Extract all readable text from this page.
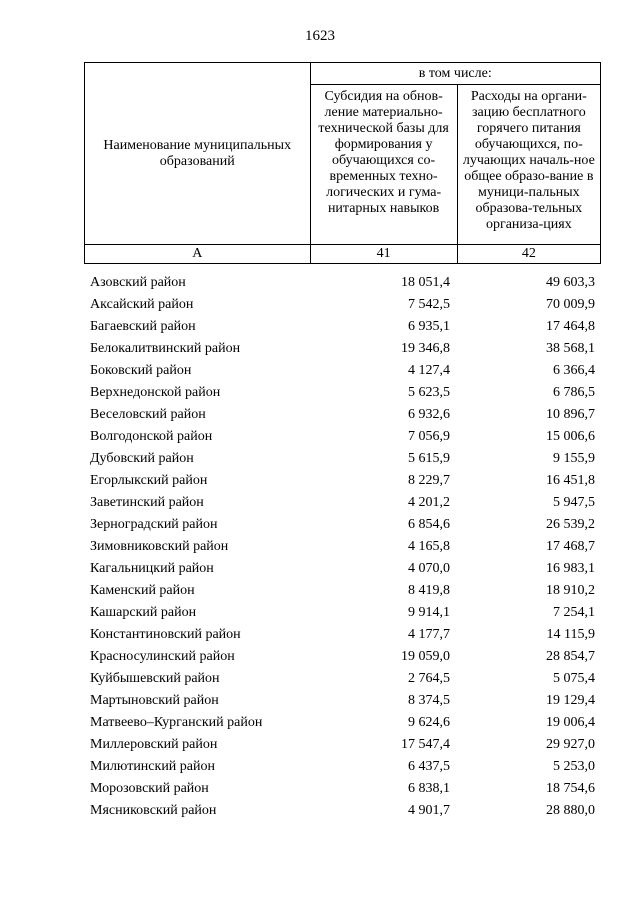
1623
Наименование муниципальных образований	в том числе:	

	Субсидия на обнов-ление материально-технической базы для формирования у обучающихся со-временных техно-логических и гума-нитарных навыков	Расходы на органи-зацию бесплатного горячего питания обучающихся, по-лучающих началь-ное общее образо-вание в муници-пальных образова-тельных организа-циях

А	41	42
Азовский район	18 051,4	49 603,3
Аксайский район	7 542,5	70 009,9
Багаевский район	6 935,1	17 464,8
Белокалитвинский район	19 346,8	38 568,1
Боковский район	4 127,4	6 366,4
Верхнедонской район	5 623,5	6 786,5
Веселовский район	6 932,6	10 896,7
Волгодонской район	7 056,9	15 006,6
Дубовский район	5 615,9	9 155,9
Егорлыкский район	8 229,7	16 451,8
Заветинский район	4 201,2	5 947,5
Зерноградский район	6 854,6	26 539,2
Зимовниковский район	4 165,8	17 468,7
Кагальницкий район	4 070,0	16 983,1
Каменский район	8 419,8	18 910,2
Кашарский район	9 914,1	7 254,1
Константиновский район	4 177,7	14 115,9
Красносулинский район	19 059,0	28 854,7
Куйбышевский район	2 764,5	5 075,4
Мартыновский район	8 374,5	19 129,4
Матвеево–Курганский район	9 624,6	19 006,4
Миллеровский район	17 547,4	29 927,0
Милютинский район	6 437,5	5 253,0
Морозовский район	6 838,1	18 754,6
Мясниковский район	4 901,7	28 880,0
